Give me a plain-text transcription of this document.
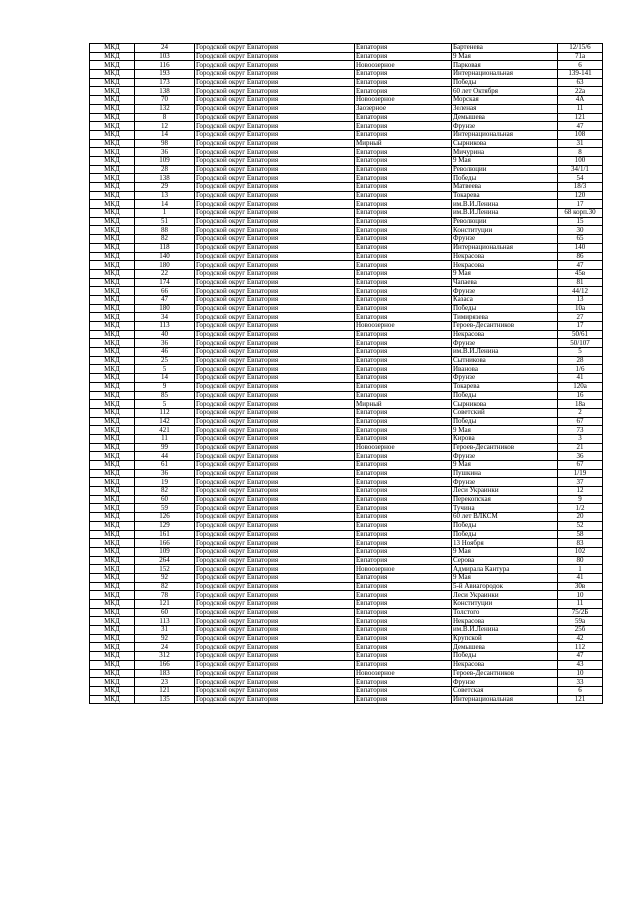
МКД	24	Городской округ Евпатория	Евпатория	Бартенева	12/15/6
МКД	103	Городской округ Евпатория	Евпатория	9 Мая	71а
МКД	116	Городской округ Евпатория	Новоозерное	Парковая	6
МКД	193	Городской округ Евпатория	Евпатория	Интернациональная	139-141
МКД	173	Городской округ Евпатория	Евпатория	Победы	63
МКД	138	Городской округ Евпатория	Евпатория	60 лет Октября	22а
МКД	70	Городской округ Евпатория	Новоозерное	Морская	4А
МКД	132	Городской округ Евпатория	Заозерное	Зеленая	11
МКД	8	Городской округ Евпатория	Евпатория	Демышева	121
МКД	12	Городской округ Евпатория	Евпатория	Фрунзе	47
МКД	14	Городской округ Евпатория	Евпатория	Интернациональная	108
МКД	98	Городской округ Евпатория	Мирный	Сырникова	31
МКД	36	Городской округ Евпатория	Евпатория	Мичурина	8
МКД	109	Городской округ Евпатория	Евпатория	9 Мая	100
МКД	28	Городской округ Евпатория	Евпатория	Революции	34/1/1
МКД	138	Городской округ Евпатория	Евпатория	Победы	54
МКД	29	Городской округ Евпатория	Евпатория	Матвеева	18/3
МКД	13	Городской округ Евпатория	Евпатория	Токарева	120
МКД	14	Городской округ Евпатория	Евпатория	им.В.И.Ленина	17
МКД	1	Городской округ Евпатория	Евпатория	им.В.И.Ленина	68 корп.30
МКД	51	Городской округ Евпатория	Евпатория	Революции	15
МКД	88	Городской округ Евпатория	Евпатория	Конституции	30
МКД	82	Городской округ Евпатория	Евпатория	Фрунзе	65
МКД	118	Городской округ Евпатория	Евпатория	Интернациональная	140
МКД	140	Городской округ Евпатория	Евпатория	Некрасова	86
МКД	180	Городской округ Евпатория	Евпатория	Некрасова	47
МКД	22	Городской округ Евпатория	Евпатория	9 Мая	45в
МКД	174	Городской округ Евпатория	Евпатория	Чапаева	81
МКД	66	Городской округ Евпатория	Евпатория	Фрунзе	44/12
МКД	47	Городской округ Евпатория	Евпатория	Казаса	13
МКД	180	Городской округ Евпатория	Евпатория	Победы	10а
МКД	34	Городской округ Евпатория	Евпатория	Тимирязева	27
МКД	113	Городской округ Евпатория	Новоозерное	Героев-Десантников	17
МКД	40	Городской округ Евпатория	Евпатория	Некрасова	50/61
МКД	36	Городской округ Евпатория	Евпатория	Фрунзе	50/107
МКД	46	Городской округ Евпатория	Евпатория	им.В.И.Ленина	5
МКД	25	Городской округ Евпатория	Евпатория	Сытникова	28
МКД	5	Городской округ Евпатория	Евпатория	Иванова	1/6
МКД	14	Городской округ Евпатория	Евпатория	Фрунзе	41
МКД	9	Городской округ Евпатория	Евпатория	Токарева	120а
МКД	85	Городской округ Евпатория	Евпатория	Победы	16
МКД	5	Городской округ Евпатория	Мирный	Сырникова	18а
МКД	112	Городской округ Евпатория	Евпатория	Советский	2
МКД	142	Городской округ Евпатория	Евпатория	Победы	67
МКД	421	Городской округ Евпатория	Евпатория	9 Мая	73
МКД	11	Городской округ Евпатория	Евпатория	Кирова	3
МКД	99	Городской округ Евпатория	Новоозерное	Героев-Десантников	21
МКД	44	Городской округ Евпатория	Евпатория	Фрунзе	36
МКД	61	Городской округ Евпатория	Евпатория	9 Мая	67
МКД	36	Городской округ Евпатория	Евпатория	Пушкина	1/19
МКД	19	Городской округ Евпатория	Евпатория	Фрунзе	37
МКД	82	Городской округ Евпатория	Евпатория	Леси Украинки	12
МКД	60	Городской округ Евпатория	Евпатория	Перекопская	9
МКД	59	Городской округ Евпатория	Евпатория	Тучина	1/2
МКД	126	Городской округ Евпатория	Евпатория	60 лет ВЛКСМ	20
МКД	129	Городской округ Евпатория	Евпатория	Победы	52
МКД	161	Городской округ Евпатория	Евпатория	Победы	58
МКД	166	Городской округ Евпатория	Евпатория	13 Ноября	83
МКД	109	Городской округ Евпатория	Евпатория	9 Мая	102
МКД	264	Городской округ Евпатория	Евпатория	Серова	80
МКД	152	Городской округ Евпатория	Новоозерное	Адмирала Кантура	1
МКД	92	Городской округ Евпатория	Евпатория	9 Мая	41
МКД	82	Городской округ Евпатория	Евпатория	5-й Авиагородок	30в
МКД	78	Городской округ Евпатория	Евпатория	Леси Украинки	10
МКД	121	Городской округ Евпатория	Евпатория	Конституции	11
МКД	60	Городской округ Евпатория	Евпатория	Толстого	75/2Б
МКД	113	Городской округ Евпатория	Евпатория	Некрасова	59а
МКД	31	Городской округ Евпатория	Евпатория	им.В.И.Ленина	25б
МКД	92	Городской округ Евпатория	Евпатория	Крупской	42
МКД	24	Городской округ Евпатория	Евпатория	Демышева	112
МКД	312	Городской округ Евпатория	Евпатория	Победы	47
МКД	166	Городской округ Евпатория	Евпатория	Некрасова	43
МКД	183	Городской округ Евпатория	Новоозерное	Героев-Десантников	10
МКД	23	Городской округ Евпатория	Евпатория	Фрунзе	33
МКД	121	Городской округ Евпатория	Евпатория	Советская	6
МКД	135	Городской округ Евпатория	Евпатория	Интернациональная	121
